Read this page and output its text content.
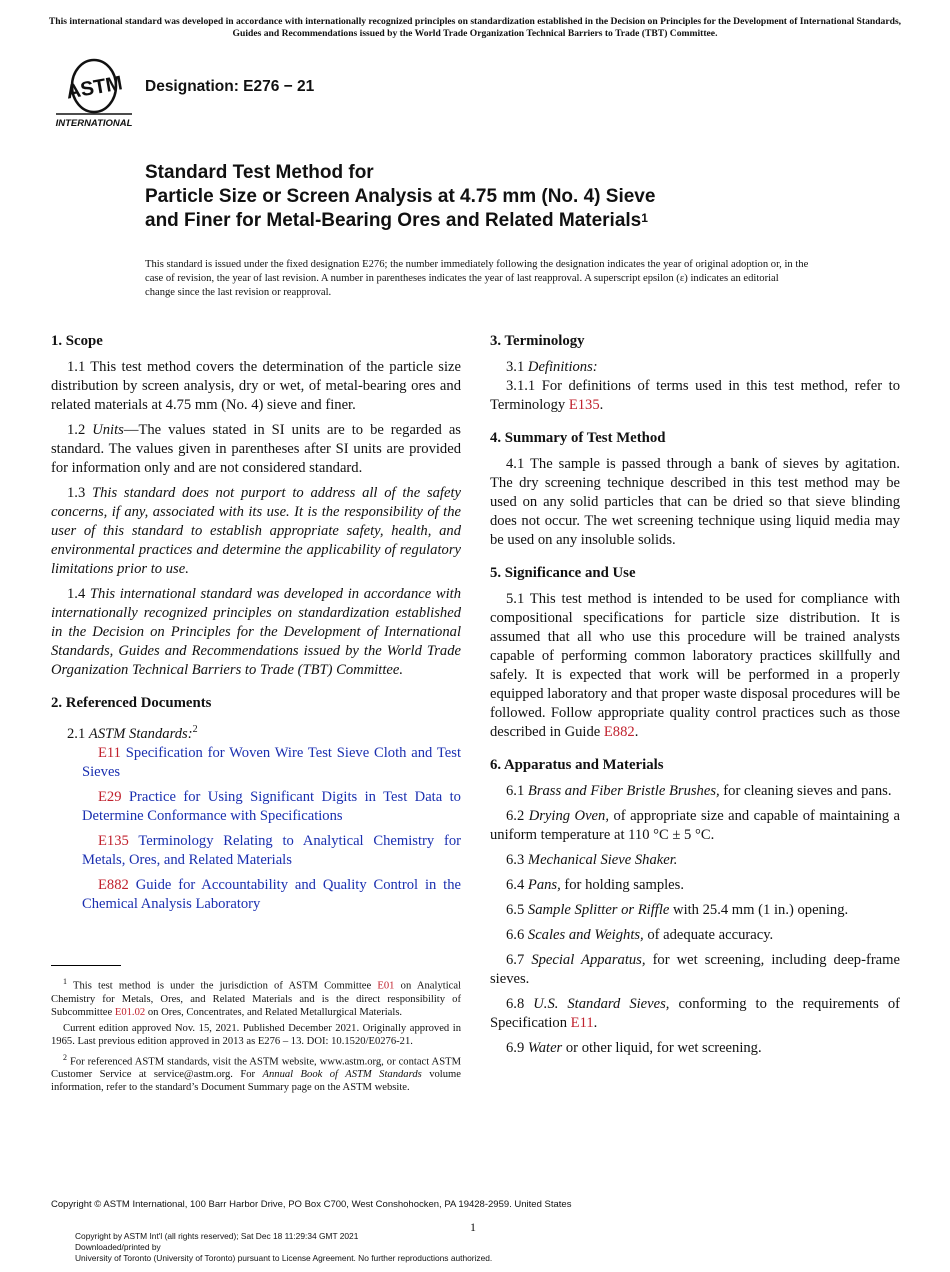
This international standard was developed in accordance with internationally recognized principles on standardization established in the Decision on Principles for the Development of International Standards, Guides and Recommendations issued by the World Trade Organization Technical Barriers to Trade (TBT) Committee.
ASTM
INTERNATIONAL
Designation: E276 − 21
Standard Test Method for
Particle Size or Screen Analysis at 4.75 mm (No. 4) Sieve
and Finer for Metal-Bearing Ores and Related Materials$^1$
This standard is issued under the fixed designation E276; the number immediately following the designation indicates the year of original adoption or, in the case of revision, the year of last revision. A number in parentheses indicates the year of last reapproval. A superscript epsilon (ε) indicates an editorial change since the last revision or reapproval.
1. Scope

1.1 This test method covers the determination of the particle size distribution by screen analysis, dry or wet, of metal-bearing ores and related materials at 4.75 mm (No. 4) sieve and finer.

1.2 Units—The values stated in SI units are to be regarded as standard. The values given in parentheses after SI units are provided for information only and are not considered standard.

1.3 This standard does not purport to address all of the safety concerns, if any, associated with its use. It is the responsibility of the user of this standard to establish appropriate safety, health, and environmental practices and determine the applicability of regulatory limitations prior to use.

1.4 This international standard was developed in accordance with internationally recognized principles on standardization established in the Decision on Principles for the Development of International Standards, Guides and Recommendations issued by the World Trade Organization Technical Barriers to Trade (TBT) Committee.

2. Referenced Documents

2.1 ASTM Standards:$^2$

E11 Specification for Woven Wire Test Sieve Cloth and Test Sieves

E29 Practice for Using Significant Digits in Test Data to Determine Conformance with Specifications

E135 Terminology Relating to Analytical Chemistry for Metals, Ores, and Related Materials

E882 Guide for Accountability and Quality Control in the Chemical Analysis Laboratory

$^1$ This test method is under the jurisdiction of ASTM Committee E01 on Analytical Chemistry for Metals, Ores, and Related Materials and is the direct responsibility of Subcommittee E01.02 on Ores, Concentrates, and Related Metallurgical Materials.

Current edition approved Nov. 15, 2021. Published December 2021. Originally approved in 1965. Last previous edition approved in 2013 as E276 – 13. DOI: 10.1520/E0276-21.

$^2$ For referenced ASTM standards, visit the ASTM website, www.astm.org, or contact ASTM Customer Service at service@astm.org. For Annual Book of ASTM Standards volume information, refer to the standard’s Document Summary page on the ASTM website.

3. Terminology

3.1 Definitions:

3.1.1 For definitions of terms used in this test method, refer to Terminology E135.

4. Summary of Test Method

4.1 The sample is passed through a bank of sieves by agitation. The dry screening technique described in this test method may be used on any solid particles that can be dried so that sieve blinding does not occur. The wet screening technique using liquid media may be used on any insoluble solids.

5. Significance and Use

5.1 This test method is intended to be used for compliance with compositional specifications for particle size distribution. It is assumed that all who use this procedure will be trained analysts capable of performing common laboratory practices skillfully and safely. It is expected that work will be performed in a properly equipped laboratory and that proper waste disposal procedures will be followed. Follow appropriate quality control practices such as those described in Guide E882.

6. Apparatus and Materials

6.1 Brass and Fiber Bristle Brushes, for cleaning sieves and pans.

6.2 Drying Oven, of appropriate size and capable of maintaining a uniform temperature at 110 °C ± 5 °C.

6.3 Mechanical Sieve Shaker.

6.4 Pans, for holding samples.

6.5 Sample Splitter or Riffle with 25.4 mm (1 in.) opening.

6.6 Scales and Weights, of adequate accuracy.

6.7 Special Apparatus, for wet screening, including deep-frame sieves.

6.8 U.S. Standard Sieves, conforming to the requirements of Specification E11.

6.9 Water or other liquid, for wet screening.

Copyright © ASTM International, 100 Barr Harbor Drive, PO Box C700, West Conshohocken, PA 19428-2959. United States
1
Copyright by ASTM Int'l (all rights reserved); Sat Dec 18 11:29:34 GMT 2021
Downloaded/printed by
University of Toronto (University of Toronto) pursuant to License Agreement. No further reproductions authorized.
